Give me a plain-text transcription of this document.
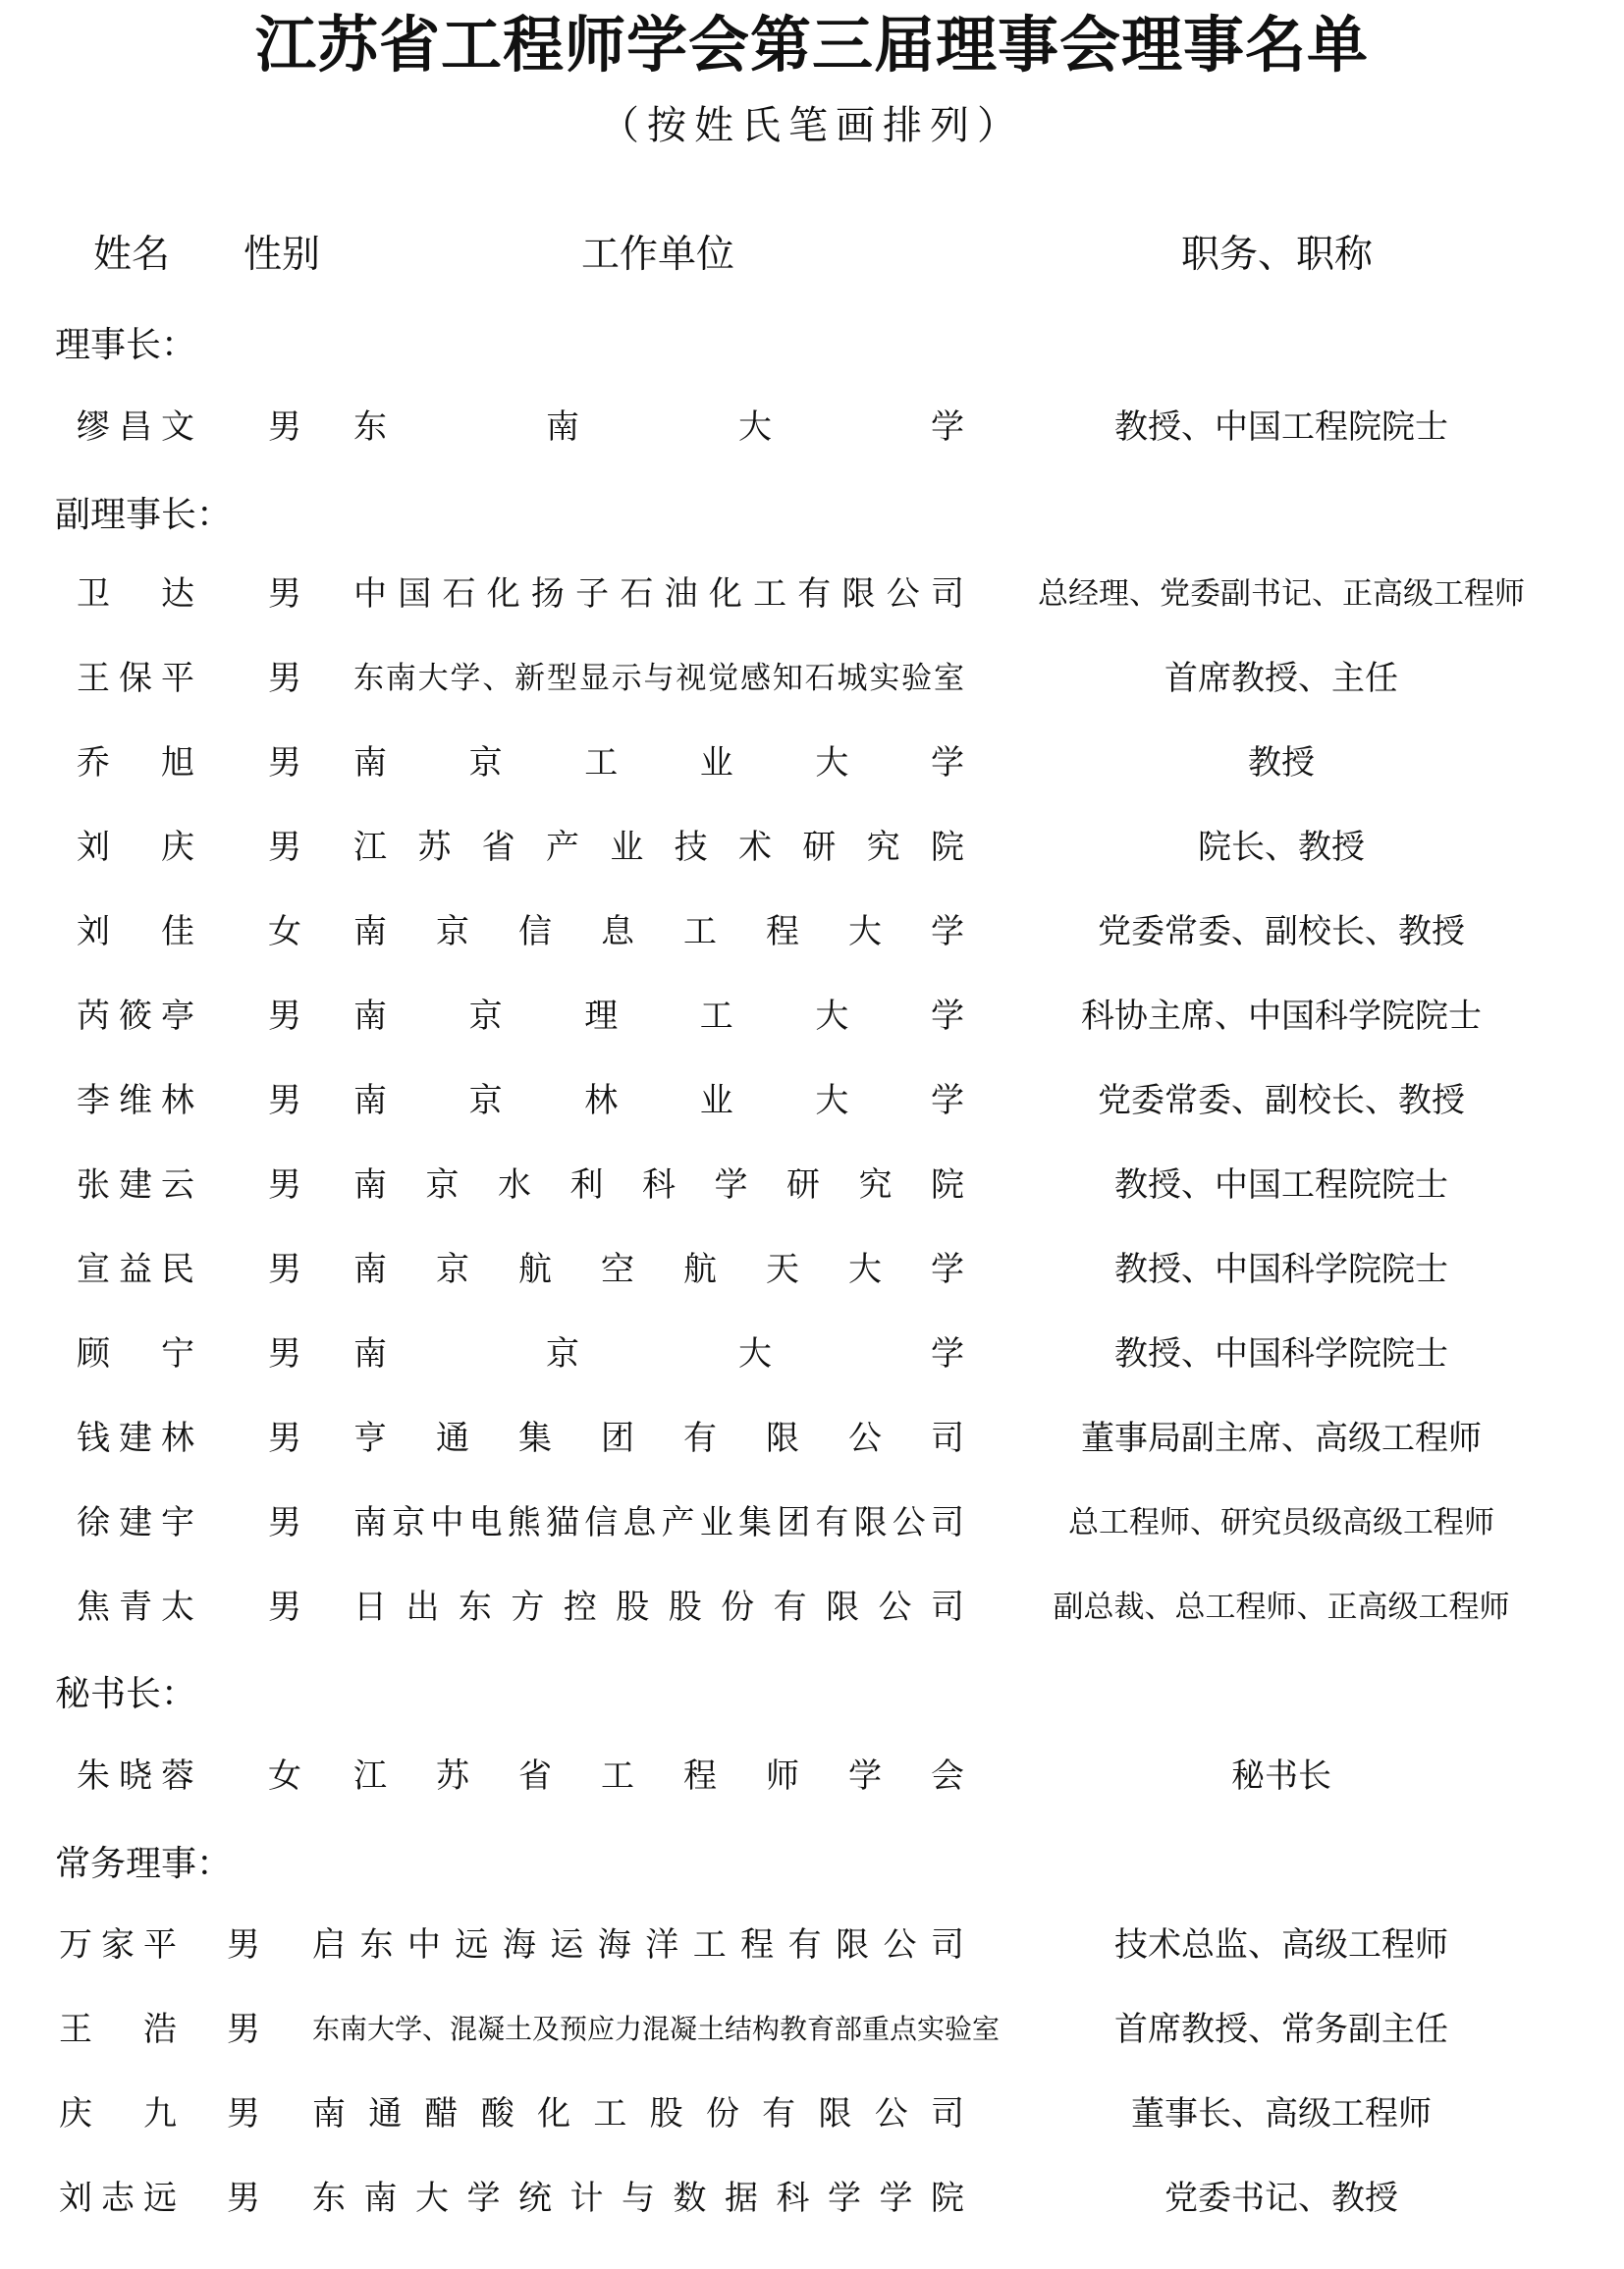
江苏省工程师学会第三届理事会理事名单
（按姓氏笔画排列）
姓名 性别	工作单位	职务、职称
理事长：
缪昌文 男 东南大学	教授、中国工程院院士
副理事长：
卫达 男 中国石化扬子石油化工有限公司	总经理、党委副书记、正高级工程师
王保平 男 东南大学、新型显示与视觉感知石城实验室	首席教授、主任
乔旭 男 南京工业大学	教授
刘庆 男 江苏省产业技术研究院	院长、教授
刘佳 女 南京信息工程大学	党委常委、副校长、教授
芮筱亭 男 南京理工大学	科协主席、中国科学院院士
李维林 男 南京林业大学	党委常委、副校长、教授
张建云 男 南京水利科学研究院	教授、中国工程院院士
宣益民 男 南京航空航天大学	教授、中国科学院院士
顾宁 男 南京大学	教授、中国科学院院士
钱建林 男 亨通集团有限公司	董事局副主席、高级工程师
徐建宇 男 南京中电熊猫信息产业集团有限公司	总工程师、研究员级高级工程师
焦青太 男 日出东方控股股份有限公司	副总裁、总工程师、正高级工程师
秘书长：
朱晓蓉 女 江苏省工程师学会	秘书长
常务理事：
万家平 男 启东中远海运海洋工程有限公司	技术总监、高级工程师
王浩 男 东南大学、混凝土及预应力混凝土结构教育部重点实验室	首席教授、常务副主任
庆九 男 南通醋酸化工股份有限公司	董事长、高级工程师
刘志远 男 东南大学统计与数据科学学院	党委书记、教授
